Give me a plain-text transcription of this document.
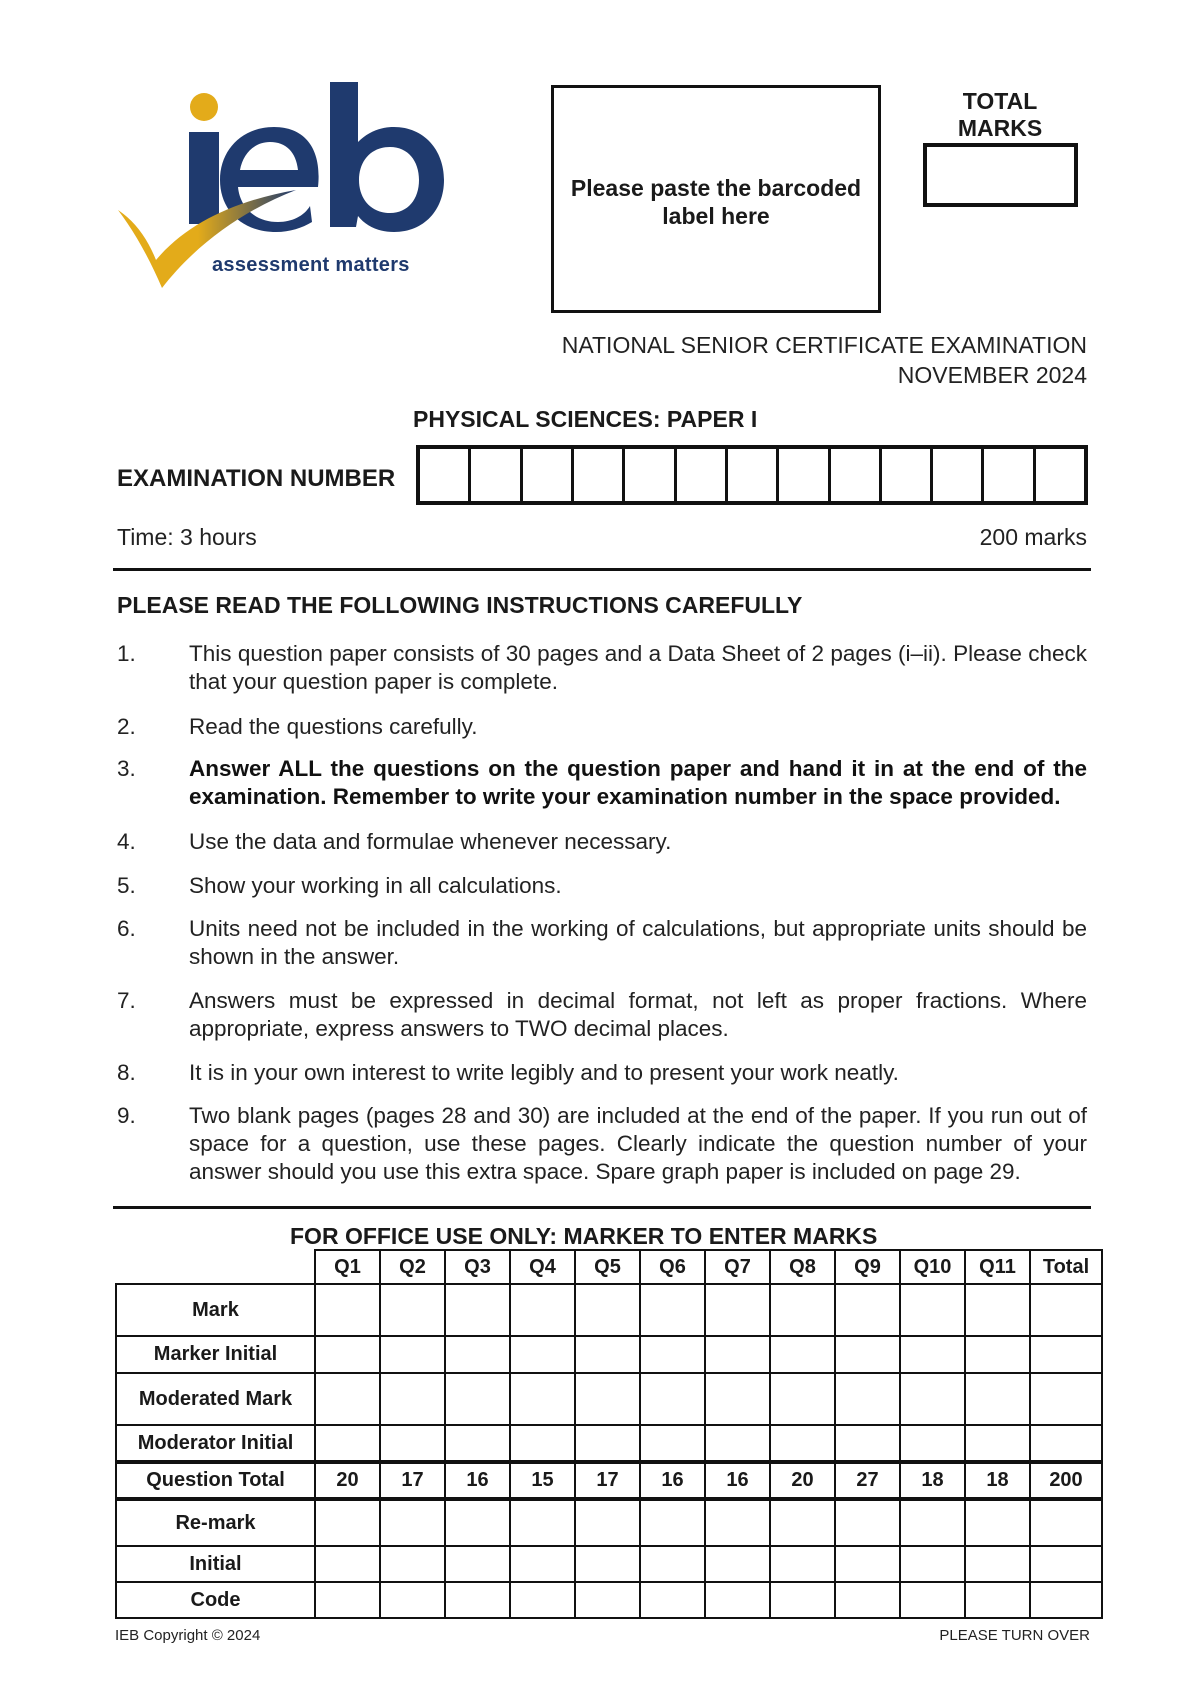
assessment matters
Please paste the barcoded label here
TOTAL MARKS
NATIONAL SENIOR CERTIFICATE EXAMINATION
NOVEMBER 2024
PHYSICAL SCIENCES: PAPER I
EXAMINATION NUMBER
Time: 3 hours	200 marks
PLEASE READ THE FOLLOWING INSTRUCTIONS CAREFULLY
1. This question paper consists of 30 pages and a Data Sheet of 2 pages (i–ii). Please check that your question paper is complete.
2. Read the questions carefully.
3. Answer ALL the questions on the question paper and hand it in at the end of the examination. Remember to write your examination number in the space provided.
4. Use the data and formulae whenever necessary.
5. Show your working in all calculations.
6. Units need not be included in the working of calculations, but appropriate units should be shown in the answer.
7. Answers must be expressed in decimal format, not left as proper fractions. Where appropriate, express answers to TWO decimal places.
8. It is in your own interest to write legibly and to present your work neatly.
9. Two blank pages (pages 28 and 30) are included at the end of the paper. If you run out of space for a question, use these pages. Clearly indicate the question number of your answer should you use this extra space. Spare graph paper is included on page 29.
FOR OFFICE USE ONLY: MARKER TO ENTER MARKS
	Q1	Q2	Q3	Q4	Q5	Q6	Q7	Q8	Q9	Q10	Q11	Total
Mark												
Marker Initial												
Moderated Mark												
Moderator Initial												
Question Total	20	17	16	15	17	16	16	20	27	18	18	200
Re-mark												
Initial												
Code												
IEB Copyright © 2024	PLEASE TURN OVER
